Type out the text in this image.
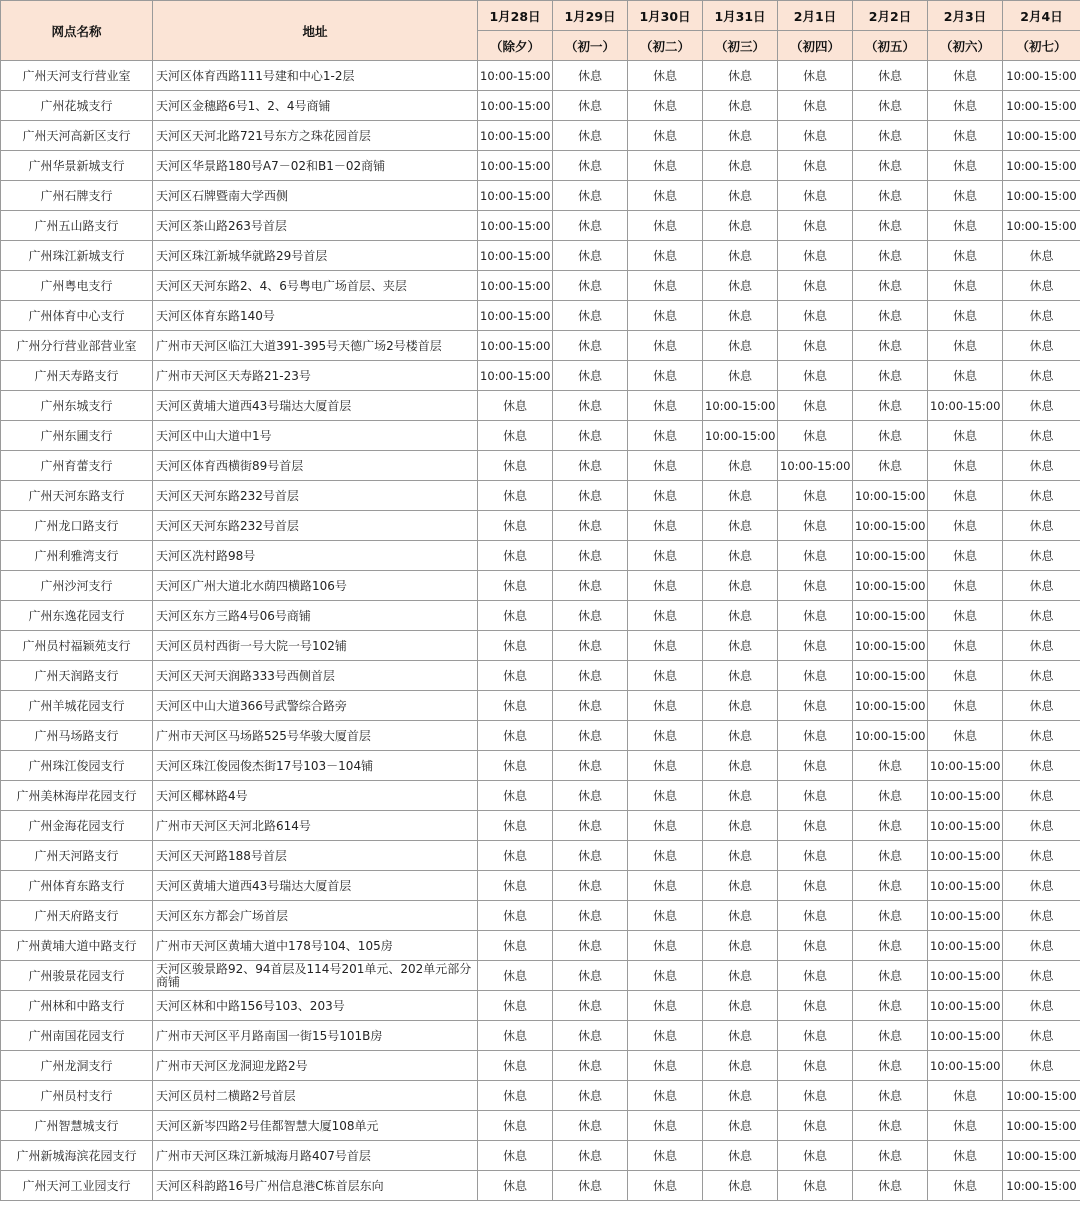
网点名称	地址	1月28日	1月29日	1月30日	1月31日	2月1日	2月2日	2月3日	2月4日
		（除夕）	（初一）	（初二）	（初三）	（初四）	（初五）	（初六）	（初七）
广州天河支行营业室	天河区体育西路111号建和中心1-2层	10:00-15:00	休息	休息	休息	休息	休息	休息	10:00-15:00
广州花城支行	天河区金穗路6号1、2、4号商铺	10:00-15:00	休息	休息	休息	休息	休息	休息	10:00-15:00
广州天河高新区支行	天河区天河北路721号东方之珠花园首层	10:00-15:00	休息	休息	休息	休息	休息	休息	10:00-15:00
广州华景新城支行	天河区华景路180号A7－02和B1－02商铺	10:00-15:00	休息	休息	休息	休息	休息	休息	10:00-15:00
广州石牌支行	天河区石牌暨南大学西侧	10:00-15:00	休息	休息	休息	休息	休息	休息	10:00-15:00
广州五山路支行	天河区茶山路263号首层	10:00-15:00	休息	休息	休息	休息	休息	休息	10:00-15:00
广州珠江新城支行	天河区珠江新城华就路29号首层	10:00-15:00	休息	休息	休息	休息	休息	休息	休息
广州粤电支行	天河区天河东路2、4、6号粤电广场首层、夹层	10:00-15:00	休息	休息	休息	休息	休息	休息	休息
广州体育中心支行	天河区体育东路140号	10:00-15:00	休息	休息	休息	休息	休息	休息	休息
广州分行营业部营业室	广州市天河区临江大道391-395号天德广场2号楼首层	10:00-15:00	休息	休息	休息	休息	休息	休息	休息
广州天寿路支行	广州市天河区天寿路21-23号	10:00-15:00	休息	休息	休息	休息	休息	休息	休息
广州东城支行	天河区黄埔大道西43号瑞达大厦首层	休息	休息	休息	10:00-15:00	休息	休息	10:00-15:00	休息
广州东圃支行	天河区中山大道中1号	休息	休息	休息	10:00-15:00	休息	休息	休息	休息
广州育蕾支行	天河区体育西横街89号首层	休息	休息	休息	休息	10:00-15:00	休息	休息	休息
广州天河东路支行	天河区天河东路232号首层	休息	休息	休息	休息	休息	10:00-15:00	休息	休息
广州龙口路支行	天河区天河东路232号首层	休息	休息	休息	休息	休息	10:00-15:00	休息	休息
广州利雅湾支行	天河区冼村路98号	休息	休息	休息	休息	休息	10:00-15:00	休息	休息
广州沙河支行	天河区广州大道北水荫四横路106号	休息	休息	休息	休息	休息	10:00-15:00	休息	休息
广州东逸花园支行	天河区东方三路4号06号商铺	休息	休息	休息	休息	休息	10:00-15:00	休息	休息
广州员村福颖苑支行	天河区员村西街一号大院一号102铺	休息	休息	休息	休息	休息	10:00-15:00	休息	休息
广州天润路支行	天河区天河天润路333号西侧首层	休息	休息	休息	休息	休息	10:00-15:00	休息	休息
广州羊城花园支行	天河区中山大道366号武警综合路旁	休息	休息	休息	休息	休息	10:00-15:00	休息	休息
广州马场路支行	广州市天河区马场路525号华骏大厦首层	休息	休息	休息	休息	休息	10:00-15:00	休息	休息
广州珠江俊园支行	天河区珠江俊园俊杰街17号103－104铺	休息	休息	休息	休息	休息	休息	10:00-15:00	休息
广州美林海岸花园支行	天河区椰林路4号	休息	休息	休息	休息	休息	休息	10:00-15:00	休息
广州金海花园支行	广州市天河区天河北路614号	休息	休息	休息	休息	休息	休息	10:00-15:00	休息
广州天河路支行	天河区天河路188号首层	休息	休息	休息	休息	休息	休息	10:00-15:00	休息
广州体育东路支行	天河区黄埔大道西43号瑞达大厦首层	休息	休息	休息	休息	休息	休息	10:00-15:00	休息
广州天府路支行	天河区东方都会广场首层	休息	休息	休息	休息	休息	休息	10:00-15:00	休息
广州黄埔大道中路支行	广州市天河区黄埔大道中178号104、105房	休息	休息	休息	休息	休息	休息	10:00-15:00	休息
广州骏景花园支行	天河区骏景路92、94首层及114号201单元、202单元部分商铺	休息	休息	休息	休息	休息	休息	10:00-15:00	休息
广州林和中路支行	天河区林和中路156号103、203号	休息	休息	休息	休息	休息	休息	10:00-15:00	休息
广州南国花园支行	广州市天河区平月路南国一街15号101B房	休息	休息	休息	休息	休息	休息	10:00-15:00	休息
广州龙洞支行	广州市天河区龙洞迎龙路2号	休息	休息	休息	休息	休息	休息	10:00-15:00	休息
广州员村支行	天河区员村二横路2号首层	休息	休息	休息	休息	休息	休息	休息	10:00-15:00
广州智慧城支行	天河区新岑四路2号佳都智慧大厦108单元	休息	休息	休息	休息	休息	休息	休息	10:00-15:00
广州新城海滨花园支行	广州市天河区珠江新城海月路407号首层	休息	休息	休息	休息	休息	休息	休息	10:00-15:00
广州天河工业园支行	天河区科韵路16号广州信息港C栋首层东向	休息	休息	休息	休息	休息	休息	休息	10:00-15:00
